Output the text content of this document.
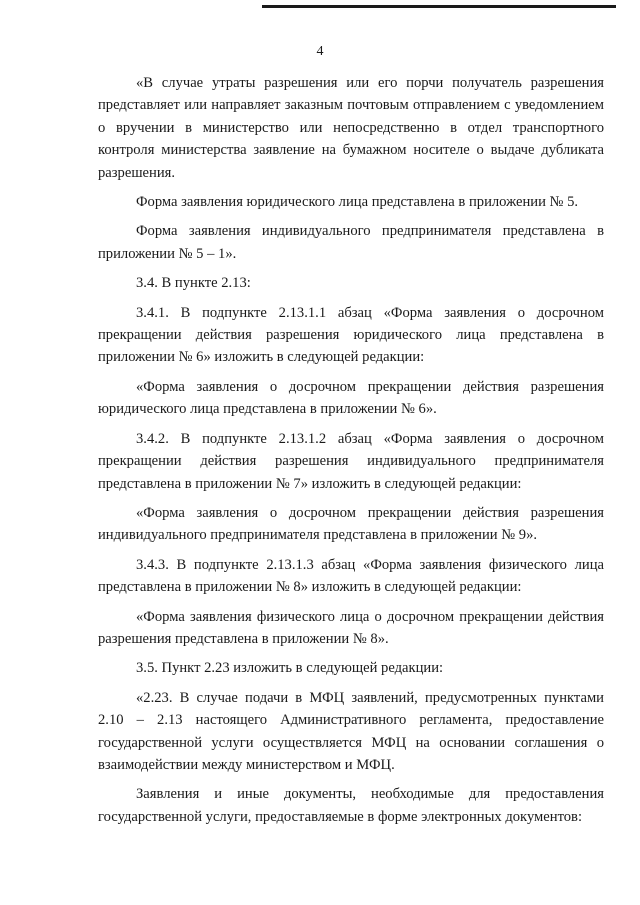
4

«В случае утраты разрешения или его порчи получатель разрешения представляет или направляет заказным почтовым отправлением с уведомлением о вручении в министерство или непосредственно в отдел транспортного контроля министерства заявление на бумажном носителе о выдаче дубликата разрешения.

Форма заявления юридического лица представлена в приложении № 5.

Форма заявления индивидуального предпринимателя представлена в приложении № 5 – 1».

3.4. В пункте 2.13:

3.4.1. В подпункте 2.13.1.1 абзац «Форма заявления о досрочном прекращении действия разрешения юридического лица представлена в приложении № 6» изложить в следующей редакции:

«Форма заявления о досрочном прекращении действия разрешения юридического лица представлена в приложении № 6».

3.4.2. В подпункте 2.13.1.2 абзац «Форма заявления о досрочном прекращении действия разрешения индивидуального предпринимателя представлена в приложении № 7» изложить в следующей редакции:

«Форма заявления о досрочном прекращении действия разрешения индивидуального предпринимателя представлена в приложении № 9».

3.4.3. В подпункте 2.13.1.3 абзац «Форма заявления физического лица представлена в приложении № 8» изложить в следующей редакции:

«Форма заявления физического лица о досрочном прекращении действия разрешения представлена в приложении № 8».

3.5. Пункт 2.23 изложить в следующей редакции:

«2.23. В случае подачи в МФЦ заявлений, предусмотренных пунктами 2.10 – 2.13 настоящего Административного регламента, предоставление государственной услуги осуществляется МФЦ на основании соглашения о взаимодействии между министерством и МФЦ.

Заявления и иные документы, необходимые для предоставления государственной услуги, предоставляемые в форме электронных документов:
